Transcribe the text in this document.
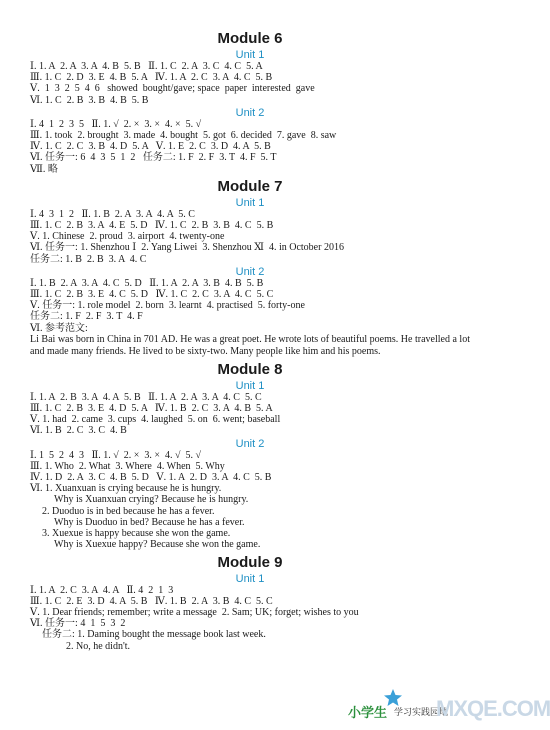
Module 6
Unit 1
Ⅰ. 1. A  2. A  3. A  4. B  5. B   Ⅱ. 1. C  2. A  3. C  4. C  5. A
Ⅲ. 1. C  2. D  3. E  4. B  5. A   Ⅳ. 1. A  2. C  3. A  4. C  5. B
Ⅴ.  1  3  2  5  4  6   showed  bought/gave; space  paper  interested  gave
Ⅵ. 1. C  2. B  3. B  4. B  5. B
Unit 2
Ⅰ. 4  1  2  3  5   Ⅱ. 1. √  2. ×  3. ×  4. ×  5. √
Ⅲ. 1. took  2. brought  3. made  4. bought  5. got  6. decided  7. gave  8. saw
Ⅳ. 1. C  2. C  3. B  4. D  5. A   Ⅴ. 1. E  2. C  3. D  4. A  5. B
Ⅵ. 任务一: 6  4  3  5  1  2   任务二: 1. F  2. F  3. T  4. F  5. T
Ⅶ. 略
Module 7
Unit 1
Ⅰ. 4  3  1  2   Ⅱ. 1. B  2. A  3. A  4. A  5. C
Ⅲ. 1. C  2. B  3. A  4. E  5. D   Ⅳ. 1. C  2. B  3. B  4. C  5. B
Ⅴ. 1. Chinese  2. proud  3. airport  4. twenty-one
Ⅵ. 任务一: 1. Shenzhou Ⅰ  2. Yang Liwei  3. Shenzhou Ⅺ  4. in October 2016
任务二: 1. B  2. B  3. A  4. C
Unit 2
Ⅰ. 1. B  2. A  3. A  4. C  5. D   Ⅱ. 1. A  2. A  3. B  4. B  5. B
Ⅲ. 1. C  2. B  3. E  4. C  5. D   Ⅳ. 1. C  2. C  3. A  4. C  5. C
Ⅴ. 任务一: 1. role model  2. born  3. learnt  4. practised  5. forty-one
任务二: 1. F  2. F  3. T  4. F
Ⅵ. 参考范文:
Li Bai was born in China in 701 AD. He was a great poet. He wrote lots of beautiful poems. He travelled a lot and made many friends. He lived to be sixty-two. Many people like him and his poems.
Module 8
Unit 1
Ⅰ. 1. A  2. B  3. A  4. A  5. B   Ⅱ. 1. A  2. A  3. A  4. C  5. C
Ⅲ. 1. C  2. B  3. E  4. D  5. A   Ⅳ. 1. B  2. C  3. A  4. B  5. A
Ⅴ. 1. had  2. came  3. cups  4. laughed  5. on  6. went; baseball
Ⅵ. 1. B  2. C  3. C  4. B
Unit 2
Ⅰ. 1  5  2  4  3   Ⅱ. 1. √  2. ×  3. ×  4. √  5. √
Ⅲ. 1. Who  2. What  3. Where  4. When  5. Why
Ⅳ. 1. D  2. A  3. C  4. B  5. D   Ⅴ. 1. A  2. D  3. A  4. C  5. B
Ⅵ. 1. Xuanxuan is crying because he is hungry.
Why is Xuanxuan crying? Because he is hungry.
2. Duoduo is in bed because he has a fever.
Why is Duoduo in bed? Because he has a fever.
3. Xuexue is happy because she won the game.
Why is Xuexue happy? Because she won the game.
Module 9
Unit 1
Ⅰ. 1. A  2. C  3. A  4. A   Ⅱ. 4  2  1  3
Ⅲ. 1. C  2. E  3. D  4. A  5. B   Ⅳ. 1. B  2. A  3. B  4. C  5. C
Ⅴ. 1. Dear friends; remember; write a message  2. Sam; UK; forget; wishes to you
Ⅵ. 任务一: 4  1  5  3  2
任务二: 1. Daming bought the message book last week.
2. No, he didn't.
小学生 学习实践园地
MXQE.COM
